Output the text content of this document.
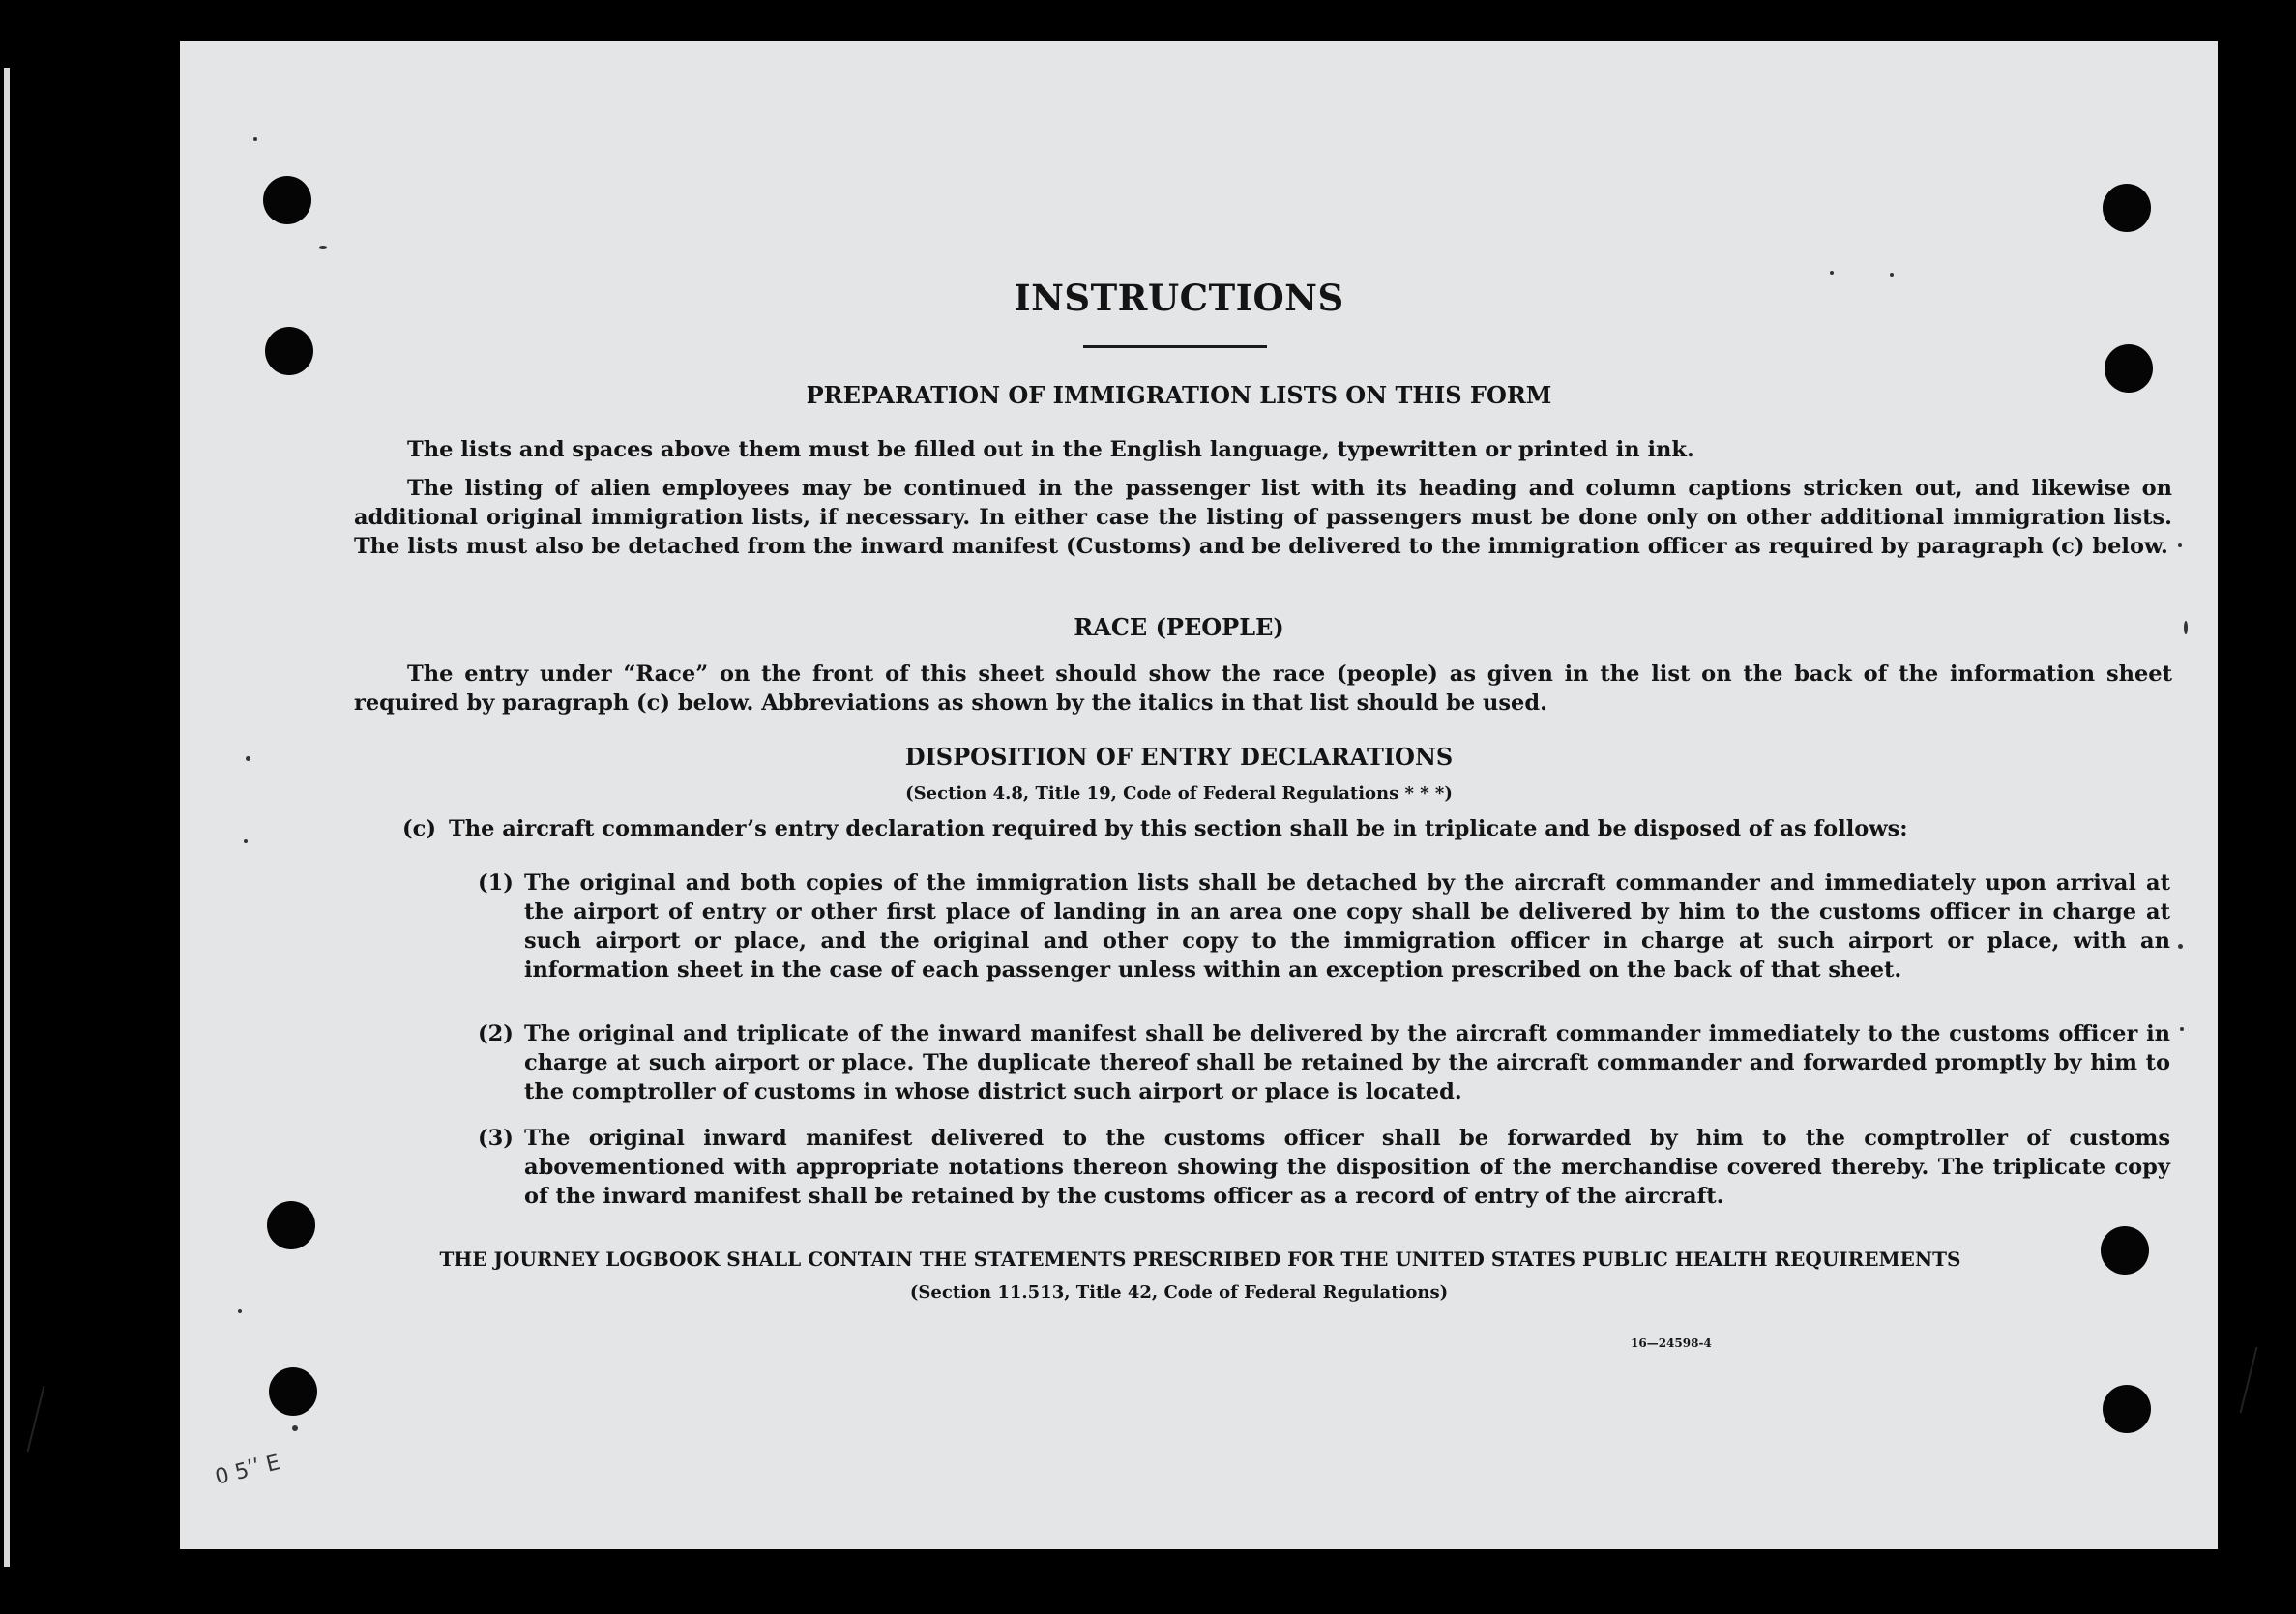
INSTRUCTIONS
PREPARATION OF IMMIGRATION LISTS ON THIS FORM
The lists and spaces above them must be filled out in the English language, typewritten or printed in ink.
The listing of alien employees may be continued in the passenger list with its heading and column captions stricken out, and likewise on additional original immigration lists, if necessary. In either case the listing of passengers must be done only on other additional immigration lists. The lists must also be detached from the inward manifest (Customs) and be delivered to the immigration officer as required by paragraph (c) below.
RACE (PEOPLE)
The entry under “Race” on the front of this sheet should show the race (people) as given in the list on the back of the information sheet required by paragraph (c) below. Abbreviations as shown by the italics in that list should be used.
DISPOSITION OF ENTRY DECLARATIONS
(Section 4.8, Title 19, Code of Federal Regulations * * *)
(c) The aircraft commander’s entry declaration required by this section shall be in triplicate and be disposed of as follows:
(1) The original and both copies of the immigration lists shall be detached by the aircraft commander and immediately upon arrival at the airport of entry or other first place of landing in an area one copy shall be delivered by him to the customs officer in charge at such airport or place, and the original and other copy to the immigration officer in charge at such airport or place, with an information sheet in the case of each passenger unless within an exception prescribed on the back of that sheet.
(2) The original and triplicate of the inward manifest shall be delivered by the aircraft commander immediately to the customs officer in charge at such airport or place. The duplicate thereof shall be retained by the aircraft commander and forwarded promptly by him to the comptroller of customs in whose district such airport or place is located.
(3) The original inward manifest delivered to the customs officer shall be forwarded by him to the comptroller of customs abovementioned with appropriate notations thereon showing the disposition of the merchandise covered thereby. The triplicate copy of the inward manifest shall be retained by the customs officer as a record of entry of the aircraft.
THE JOURNEY LOGBOOK SHALL CONTAIN THE STATEMENTS PRESCRIBED FOR THE UNITED STATES PUBLIC HEALTH REQUIREMENTS
(Section 11.513, Title 42, Code of Federal Regulations)
16—24598‑4
0 5ʹʹ E
